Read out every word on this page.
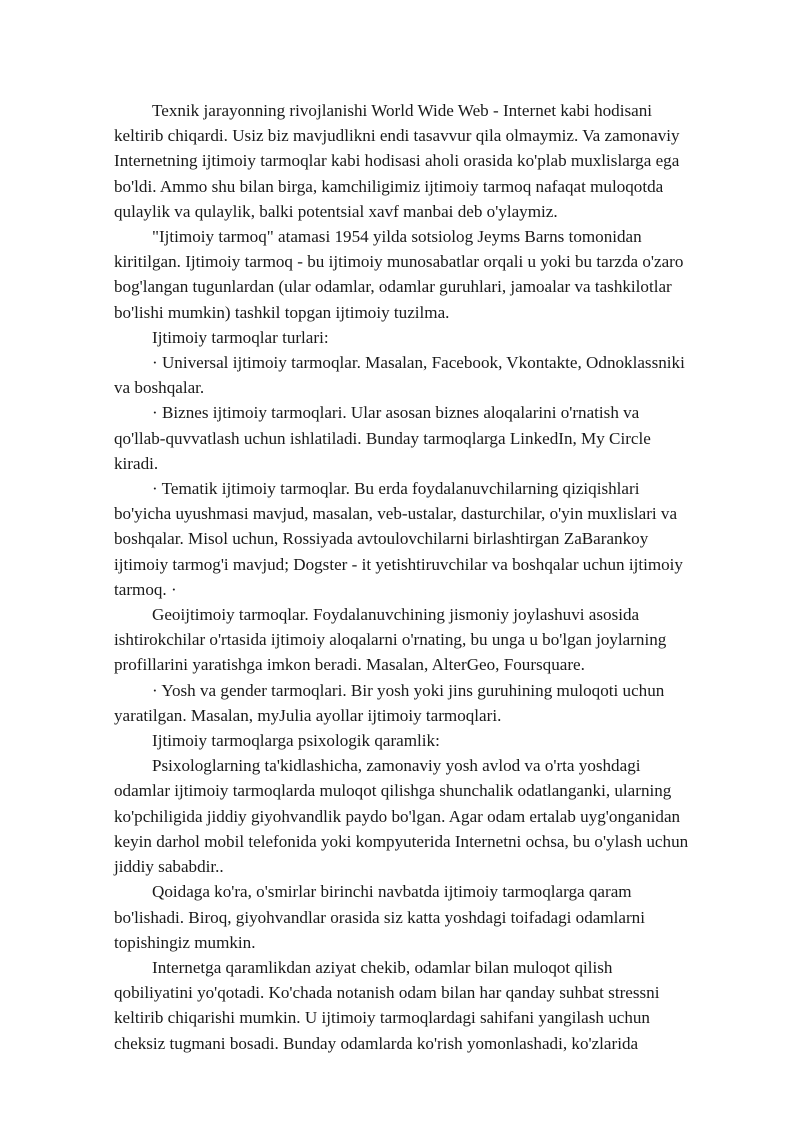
Texnik jarayonning rivojlanishi World Wide Web - Internet kabi hodisani keltirib chiqardi. Usiz biz mavjudlikni endi tasavvur qila olmaymiz. Va zamonaviy Internetning ijtimoiy tarmoqlar kabi hodisasi aholi orasida ko'plab muxlislarga ega bo'ldi. Ammo shu bilan birga, kamchiligimiz ijtimoiy tarmoq nafaqat muloqotda qulaylik va qulaylik, balki potentsial xavf manbai deb o'ylaymiz.

"Ijtimoiy tarmoq" atamasi 1954 yilda sotsiolog Jeyms Barns tomonidan kiritilgan. Ijtimoiy tarmoq - bu ijtimoiy munosabatlar orqali u yoki bu tarzda o'zaro bog'langan tugunlardan (ular odamlar, odamlar guruhlari, jamoalar va tashkilotlar bo'lishi mumkin) tashkil topgan ijtimoiy tuzilma.

Ijtimoiy tarmoqlar turlari:

· Universal ijtimoiy tarmoqlar. Masalan, Facebook, Vkontakte, Odnoklassniki va boshqalar.

· Biznes ijtimoiy tarmoqlari. Ular asosan biznes aloqalarini o'rnatish va qo'llab-quvvatlash uchun ishlatiladi. Bunday tarmoqlarga LinkedIn, My Circle kiradi.

· Tematik ijtimoiy tarmoqlar. Bu erda foydalanuvchilarning qiziqishlari bo'yicha uyushmasi mavjud, masalan, veb-ustalar, dasturchilar, o'yin muxlislari va boshqalar. Misol uchun, Rossiyada avtoulovchilarni birlashtirgan ZaBarankoy ijtimoiy tarmog'i mavjud; Dogster - it yetishtiruvchilar va boshqalar uchun ijtimoiy tarmoq. ·

Geoijtimoiy tarmoqlar. Foydalanuvchining jismoniy joylashuvi asosida ishtirokchilar o'rtasida ijtimoiy aloqalarni o'rnating, bu unga u bo'lgan joylarning profillarini yaratishga imkon beradi. Masalan, AlterGeo, Foursquare.

· Yosh va gender tarmoqlari. Bir yosh yoki jins guruhining muloqoti uchun yaratilgan. Masalan, myJulia ayollar ijtimoiy tarmoqlari.

Ijtimoiy tarmoqlarga psixologik qaramlik:

Psixologlarning ta'kidlashicha, zamonaviy yosh avlod va o'rta yoshdagi odamlar ijtimoiy tarmoqlarda muloqot qilishga shunchalik odatlanganki, ularning ko'pchiligida jiddiy giyohvandlik paydo bo'lgan. Agar odam ertalab uyg'onganidan keyin darhol mobil telefonida yoki kompyuterida Internetni ochsa, bu o'ylash uchun jiddiy sababdir..

Qoidaga ko'ra, o'smirlar birinchi navbatda ijtimoiy tarmoqlarga qaram bo'lishadi. Biroq, giyohvandlar orasida siz katta yoshdagi toifadagi odamlarni topishingiz mumkin.

Internetga qaramlikdan aziyat chekib, odamlar bilan muloqot qilish qobiliyatini yo'qotadi. Ko'chada notanish odam bilan har qanday suhbat stressni keltirib chiqarishi mumkin. U ijtimoiy tarmoqlardagi sahifani yangilash uchun cheksiz tugmani bosadi. Bunday odamlarda ko'rish yomonlashadi, ko'zlarida
